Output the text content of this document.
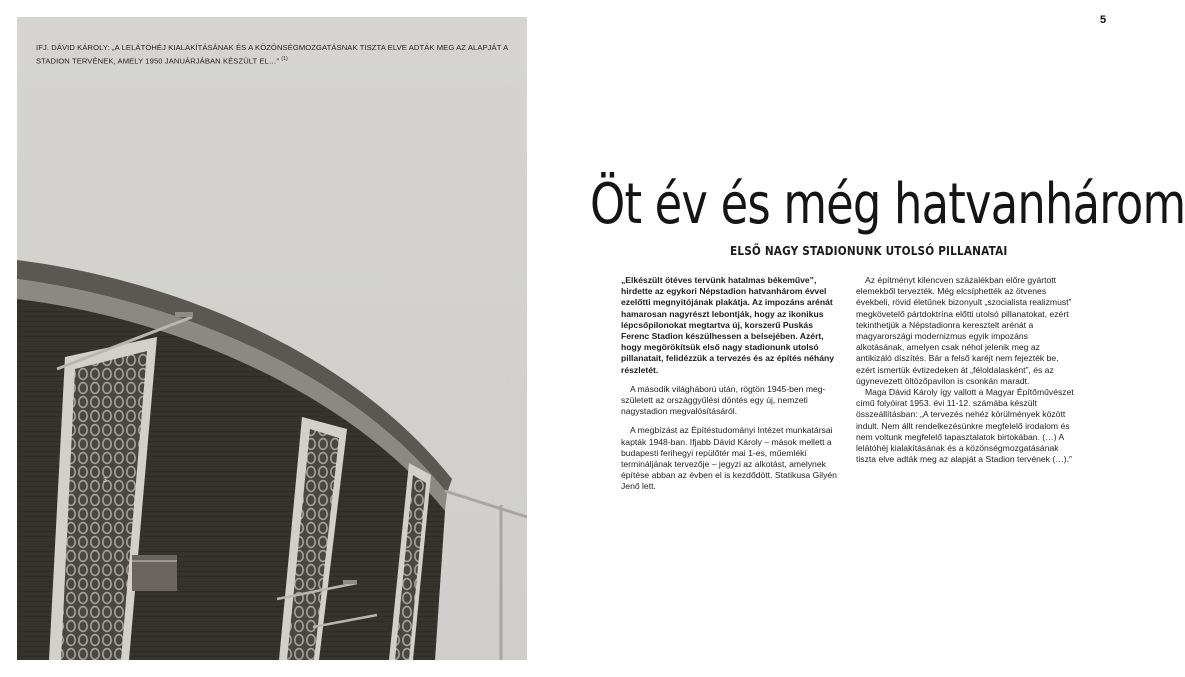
3

IFJ. DÁVID KÁROLY: „A LELÁTÓHÉJ KIALAKÍTÁSÁNAK ÉS A KÖZÖNSÉGMOZGATÁSNAK TISZTA ELVE ADTÁK MEG AZ ALAPJÁT A STADION TERVÉNEK, AMELY 1950 JANUÁRJÁBAN KÉSZÜLT EL…” $^{(1)}$

5

Öt év és még hatvanhárom
ELSŐ NAGY STADIONUNK UTOLSÓ PILLANATAI

„Elkészült ötéves tervünk hatalmas békeműve”, hirdette az egykori Népstadion hatvanhárom évvel ezelőtti megnyitójának plakátja. Az impozáns arénát hamarosan nagyrészt lebontják, hogy az ikonikus lépcsőpilonokat megtartva új, korszerű Puskás Ferenc Stadion készülhessen a belsejében. Azért, hogy megörökítsük első nagy stadionunk utolsó pillanatait, felidézzük a tervezés és az építés néhány részletét.

A második világháború után, rögtön 1945-ben megszületett az országgyűlési döntés egy új, nemzeti nagystadion megvalósításáról.

A megbízást az Építéstudományi Intézet munkatársai kapták 1948-ban. Ifjabb Dávid Károly – mások mellett a budapesti ferihegyi repülőtér mai 1-es, műemléki termináljának tervezője – jegyzi az alkotást, amelynek építése abban az évben el is kezdődött. Statikusa Gilyén Jenő lett.

Az építményt kilencven százalékban előre gyártott elemekből tervezték. Még elcsíphették az ötvenes évekbeli, rövid életűnek bizonyult „szocialista realizmust” megkövetelő pártdoktrína előtti utolsó pillanatokat, ezért tekinthetjük a Népstadionra keresztelt arénát a magyarországi modernizmus egyik impozáns alkotásának, amelyen csak néhol jelenik meg az antikizáló díszítés. Bár a felső karéjt nem fejezték be, ezért ismertük évtizedeken át „féloldalasként”, és az úgynevezett öltözőpavilon is csonkán maradt.

Maga Dávid Károly így vallott a Magyar Építőművészet című folyóirat 1953. évi 11-12. számába készült összeállításban: „A tervezés nehéz körülmények között indult. Nem állt rendelkezésünkre megfelelő irodalom és nem voltunk megfelelő tapasztalatok birtokában. (…) A lelátóhéj kialakításának és a közönségmozgatásának tiszta elve adták meg az alapját a Stadion tervének (…).”
